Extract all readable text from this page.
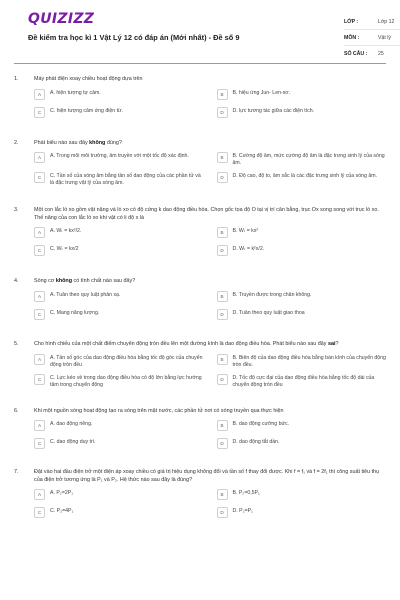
QUIZIZZ
Đề kiểm tra học kì 1 Vật Lý 12 có đáp án (Mới nhất) - Đề số 9
LỚP :	Lớp 12
MÔN :	Vật lý
SỐ CÂU :	25
1.	Máy phát điện xoay chiều hoạt động dựa trên
A	A. hiện tượng tự cảm.	B	B. hiệu ứng Jun- Len-xơ.
C	C. hiện tượng cảm ứng điện từ.	D	D. lực tương tác giữa các điện tích.
2.	Phát biểu nào sau đây không đúng?
A	A. Trong môi môi trường, âm truyền với một tốc độ xác định.	B	B. Cường độ âm, mức cường độ âm là đặc trưng sinh lý của sóng âm.
C	C. Tần số của sóng âm bằng tần số dao động của các phần tử và là đặc trưng vật lý của sóng âm.
D	D. Độ cao, độ to, âm sắc là các đặc trưng sinh lý của sóng âm.
3.	Một con lắc lò xo gồm vật nặng và lò xo có độ cứng k dao động điều hòa. Chọn gốc tọa độ O tại vị trí cân bằng, trục Ox song song với trục lò xo. Thế năng của con lắc lò xo khi vật có li độ x là
A	A. Wₜ = kx²/2.	B	B. Wₜ = kx²
C	C. Wₜ = kx/2	D	D. Wₜ = k²x/2.
4.	Sóng cơ không có tính chất nào sau đây?
A	A. Tuân theo quy luật phản xạ.	B	B. Truyền được trong chân không.
C	C. Mang năng lượng.	D	D. Tuân theo quy luật giao thoa
5.	Cho hình chiếu của một chất điểm chuyển động tròn đều lên một đường kính là dao động điều hòa. Phát biểu nào sau đây sai?
A	A. Tần số góc của dao động điều hòa bằng tốc độ góc của chuyển động tròn đều
B	B. Biên độ của dao động điều hòa bằng bán kính của chuyển động tròn đều.
C	C. Lực kéo về trong dao động điều hòa có độ lớn bằng lực hướng tâm trong chuyển động
D	D. Tốc độ cực đại của dao động điều hòa bằng tốc độ dài của chuyển động tròn đều
6.	Khi một nguồn sóng hoạt động tạo ra sóng trên mặt nước, các phần tử nơi có sóng truyền qua thực hiện
A	A. dao động riêng.	B	B. dao động cưỡng bức.
C	C. dao động duy trì.	D	D. dao động tắt dần.
7.	Đặt vào hai đầu điện trở một điện áp xoay chiều có giá trị hiệu dụng không đổi và tần số f thay đổi được. Khi f = f₁ và f = 2f₁ thì công suất tiêu thụ của điện trở tương ứng là P₁ và P₂. Hệ thức nào sau đây là đúng?
A	A. P₂=2P₁	B	B. P₂=0,5P₁
C	C. P₂=4P₁	D	D. P₂=P₁
